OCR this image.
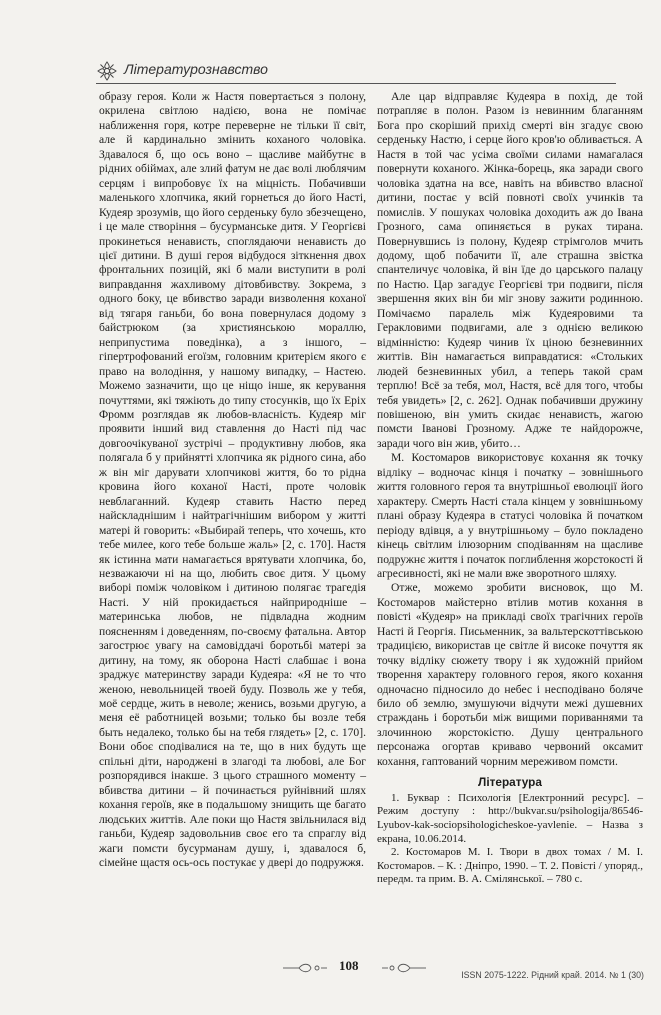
Літературознавство

образу героя. Коли ж Настя повертається з полону, окрилена світлою надією, вона не помічає наближення горя, котре переверне не тільки її світ, але й кардинально змінить коханого чоловіка. Здавалося б, що ось воно – щасливе майбутнє в рідних обіймах, але злий фатум не дає волі люблячим серцям і випробовує їх на міцність. Побачивши маленького хлопчика, який горнеться до його Насті, Кудеяр зрозумів, що його серденьку було збезчещено, і це мале створіння – бусурманське дитя. У Георгієві прокинеться ненависть, споглядаючи ненависть до цієї дитини. В душі героя відбудося зіткнення двох фронтальних позицій, які б мали виступити в ролі виправдання жахливому дітовбивству. Зокрема, з одного боку, це вбивство заради визволення коханої від тягаря ганьби, бо вона повернулася додому з байстрюком (за християнською мораллю, неприпустима поведінка), а з іншого, – гіпертрофований егоїзм, головним критерієм якого є право на володіння, у нашому випадку, – Настею. Можемо зазначити, що це ніщо інше, як керування почуттями, які тяжіють до типу стосунків, що їх Еріх Фромм розглядав як любов-власність. Кудеяр міг проявити інший вид ставлення до Насті під час довгоочікуваної зустрічі – продуктивну любов, яка полягала б у прийнятті хлопчика як рідного сина, або ж він міг дарувати хлопчикові життя, бо то рідна кровина його коханої Насті, проте чоловік невблаганний. Кудеяр ставить Настю перед найскладнішим і найтрагічнішим вибором у житті матері й говорить: «Выбирай теперь, что хочешь, кто тебе милее, кого тебе больше жаль» [2, с. 170]. Настя як істинна мати намагається врятувати хлопчика, бо, незважаючи ні на що, любить своє дитя. У цьому виборі поміж чоловіком і дитиною полягає трагедія Насті. У ній прокидається найприродніше – материнська любов, не підвладна жодним поясненням і доведенням, по-своєму фатальна. Автор загострює увагу на самовіддачі боротьбі матері за дитину, на тому, як оборона Насті слабшає і вона зраджує материнству заради Кудеяра: «Я не то что женою, невольницей твоей буду. Позволь же у тебя, моё сердце, жить в неволе; женись, возьми другую, а меня её работницей возьми; только бы возле тебя быть недалеко, только бы на тебя глядеть» [2, с. 170]. Вони обоє сподівалися на те, що в них будуть ще спільні діти, народжені в злагоді та любові, але Бог розпорядився інакше. З цього страшного моменту – вбивства дитини – й починається руйнівний шлях кохання героїв, яке в подальшому знищить ще багато людських життів. Але поки що Настя звільнилася від ганьби, Кудеяр задовольнив своє его та спраглу від жаги помсти бусурманам душу, і, здавалося б, сімейне щастя ось-ось постукає у двері до подружжя.

Але цар відправляє Кудеяра в похід, де той потрапляє в полон. Разом із невинним благанням Бога про скоріший прихід смерті він згадує свою серденьку Настю, і серце його кров'ю обливається. А Настя в той час усіма своїми силами намагалася повернути коханого. Жінка-борець, яка заради свого чоловіка здатна на все, навіть на вбивство власної дитини, постає у всій повноті своїх учинків та помислів. У пошуках чоловіка доходить аж до Івана Грозного, сама опиняється в руках тирана. Повернувшись із полону, Кудеяр стрімголов мчить додому, щоб побачити її, але страшна звістка спантеличує чоловіка, й він їде до царського палацу по Настю. Цар загадує Георгієві три подвиги, після звершення яких він би міг знову зажити родинною. Помічаємо паралель між Кудеяровими та Геракловими подвигами, але з однією великою відмінністю: Кудеяр чинив їх ціною безневинних життів. Він намагається виправдатися: «Стольких людей безневинных убил, а теперь такой срам терплю! Всё за тебя, мол, Настя, всё для того, чтобы тебя увидеть» [2, с. 262]. Однак побачивши дружину повішеною, він умить скидає ненависть, жагою помсти Іванові Грозному. Адже те найдорожче, заради чого він жив, убито…

М. Костомаров використовує кохання як точку відліку – водночас кінця і початку – зовнішнього життя головного героя та внутрішньої еволюції його характеру. Смерть Насті стала кінцем у зовнішньому плані образу Кудеяра в статусі чоловіка й початком періоду вдівця, а у внутрішньому – було покладено кінець світлим ілюзорним сподіванням на щасливе подружнє життя і початок поглиблення жорстокості й агресивності, які не мали вже зворотного шляху.

Отже, можемо зробити висновок, що М. Костомаров майстерно втілив мотив кохання в повісті «Кудеяр» на прикладі своїх трагічних героїв Насті й Георгія. Письменник, за вальтерскоттівською традицією, використав це світле й високе почуття як точку відліку сюжету твору і як художній прийом творення характеру головного героя, якого кохання одночасно підносило до небес і несподівано боляче било об землю, змушуючи відчути межі душевних страждань і боротьби між вищими пориваннями та злочинною жорстокістю. Душу центрального персонажа огортав криваво червоний оксамит кохання, гаптований чорним мереживом помсти.

Література

1. Буквар : Психологія [Електронний ресурс]. – Режим доступу : http://bukvar.su/psihologija/86546-Lyubov-kak-sociopsihologicheskoe-yavlenie. – Назва з екрана, 10.06.2014.

2. Костомаров М. І. Твори в двох томах / М. І. Костомаров. – К. : Дніпро, 1990. – Т. 2. Повісті / упоряд., передм. та прим. В. А. Смілянської. – 780 с.

108
ISSN 2075-1222. Рідний край. 2014. № 1 (30)
